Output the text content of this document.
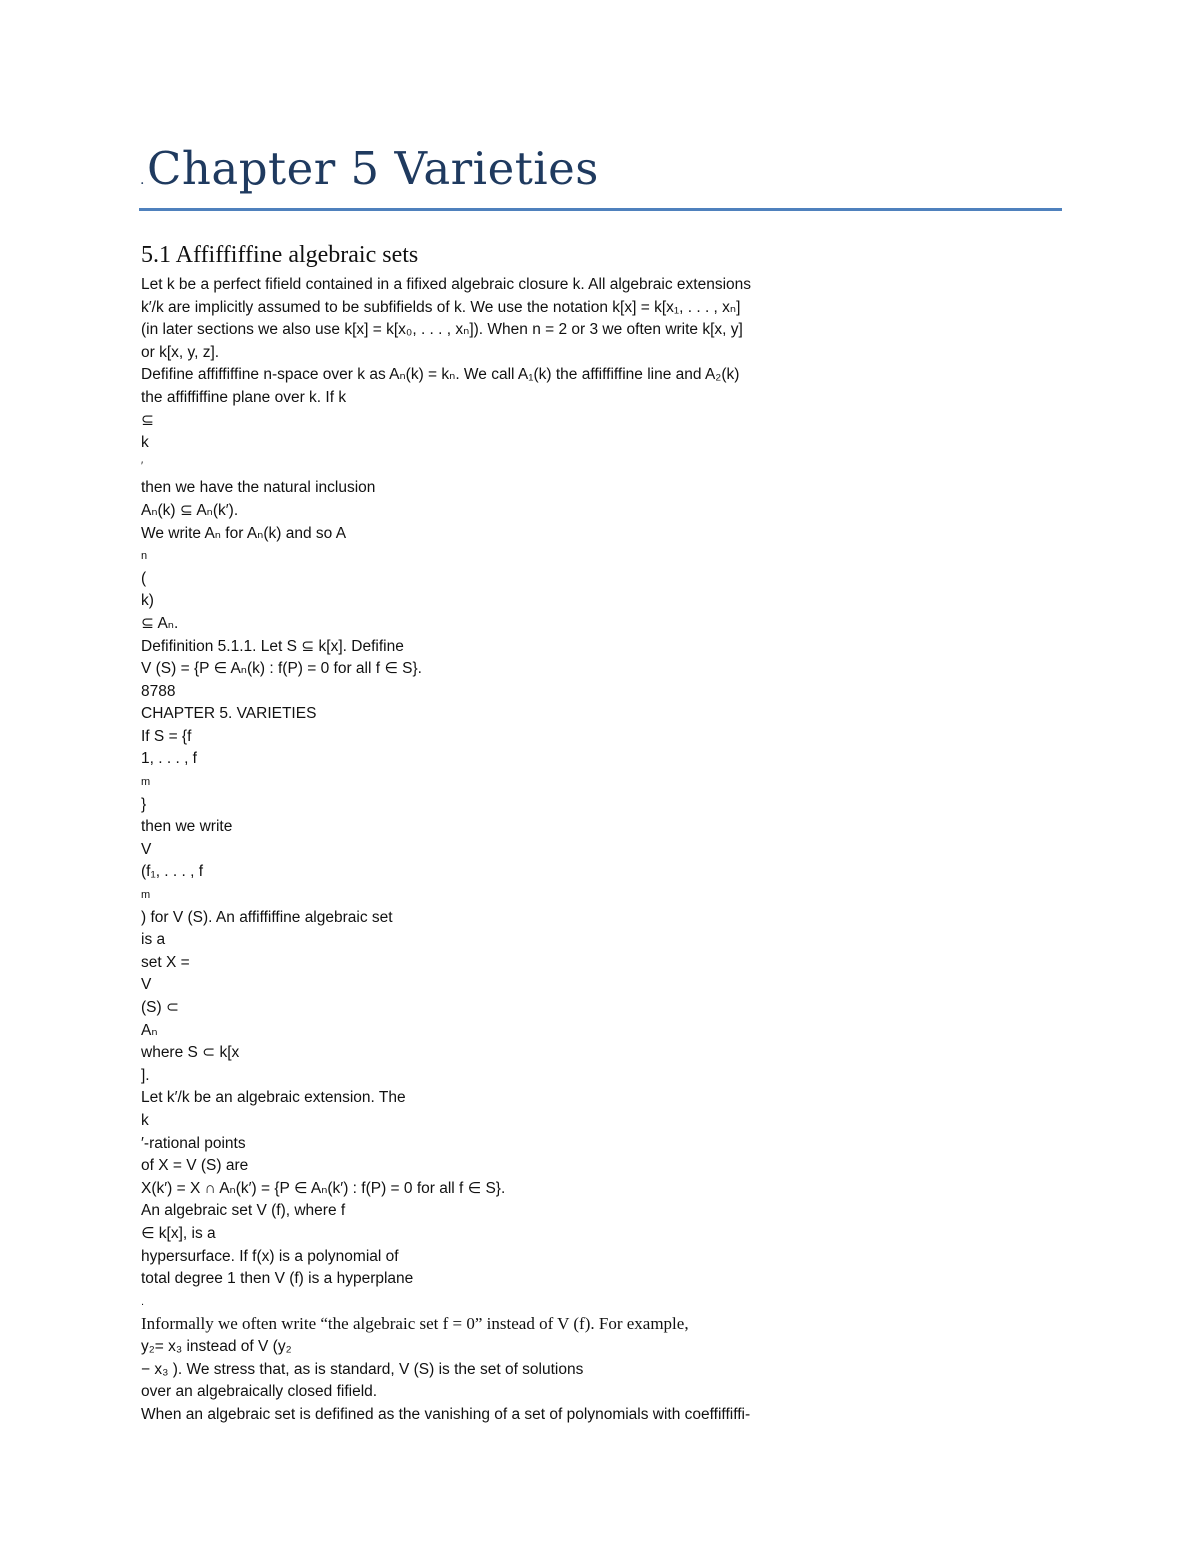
.Chapter 5 Varieties
5.1 Affiffiffine algebraic sets
Let k be a perfect fifield contained in a fifixed algebraic closure k. All algebraic extensions
k′/k are implicitly assumed to be subfifields of k. We use the notation k[x] = k[x₁, . . . , xₙ]
(in later sections we also use k[x] = k[x₀, . . . , xₙ]). When n = 2 or 3 we often write k[x, y]
or k[x, y, z].
Defifine affiffiffine n-space over k as Aₙ(k) = kₙ. We call A₁(k) the affiffiffine line and A₂(k)
the affiffiffine plane over k. If k
⊆
k
′
then we have the natural inclusion
Aₙ(k) ⊆ Aₙ(k′).
We write Aₙ for Aₙ(k) and so A
n
(
k)
⊆ Aₙ.
Defifinition 5.1.1. Let S ⊆ k[x]. Defifine
V (S) = {P ∈ Aₙ(k) : f(P) = 0 for all f ∈ S}.
8788
CHAPTER 5. VARIETIES
If S = {f
1, . . . , f
m
}
then we write
V
(f₁, . . . , f
m
) for V (S). An affiffiffine algebraic set
is a
set X =
V
(S) ⊂
Aₙ
where S ⊂ k[x
].
Let k′/k be an algebraic extension. The
k
′-rational points
of X = V (S) are
X(k′) = X ∩ Aₙ(k′) = {P ∈ Aₙ(k′) : f(P) = 0 for all f ∈ S}.
An algebraic set V (f), where f
∈ k[x], is a
hypersurface. If f(x) is a polynomial of
total degree 1 then V (f) is a hyperplane
.
Informally we often write “the algebraic set f = 0” instead of V (f). For example,
y₂= x₃ instead of V (y₂
− x₃ ). We stress that, as is standard, V (S) is the set of solutions
over an algebraically closed fifield.
When an algebraic set is defifined as the vanishing of a set of polynomials with coeffiffiffi-
